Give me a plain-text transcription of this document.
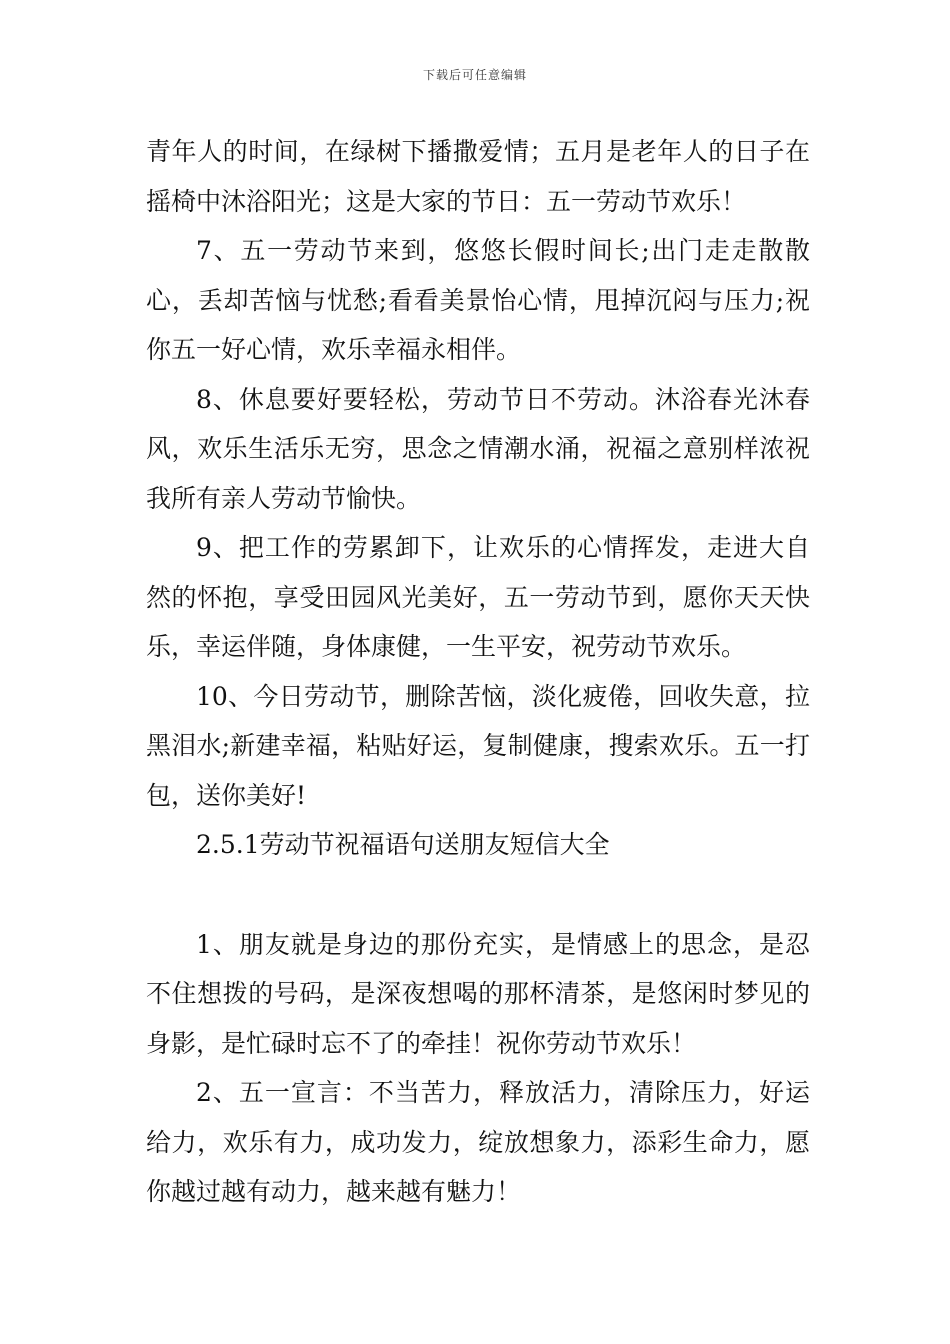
下载后可任意编辑

青年人的时间，在绿树下播撒爱情；五月是老年人的日子在摇椅中沐浴阳光；这是大家的节日：五一劳动节欢乐！

7、五一劳动节来到，悠悠长假时间长;出门走走散散心，丢却苦恼与忧愁;看看美景怡心情，甩掉沉闷与压力;祝你五一好心情，欢乐幸福永相伴。

8、休息要好要轻松，劳动节日不劳动。沐浴春光沐春风，欢乐生活乐无穷，思念之情潮水涌，祝福之意别样浓祝我所有亲人劳动节愉快。

9、把工作的劳累卸下，让欢乐的心情挥发，走进大自然的怀抱，享受田园风光美好，五一劳动节到，愿你天天快乐，幸运伴随，身体康健，一生平安，祝劳动节欢乐。

10、今日劳动节，删除苦恼，淡化疲倦，回收失意，拉黑泪水;新建幸福，粘贴好运，复制健康，搜索欢乐。五一打包，送你美好!

2.5.1劳动节祝福语句送朋友短信大全

1、朋友就是身边的那份充实，是情感上的思念，是忍不住想拨的号码，是深夜想喝的那杯清茶，是悠闲时梦见的身影，是忙碌时忘不了的牵挂！祝你劳动节欢乐！

2、五一宣言：不当苦力，释放活力，清除压力，好运给力，欢乐有力，成功发力，绽放想象力，添彩生命力，愿你越过越有动力，越来越有魅力！
